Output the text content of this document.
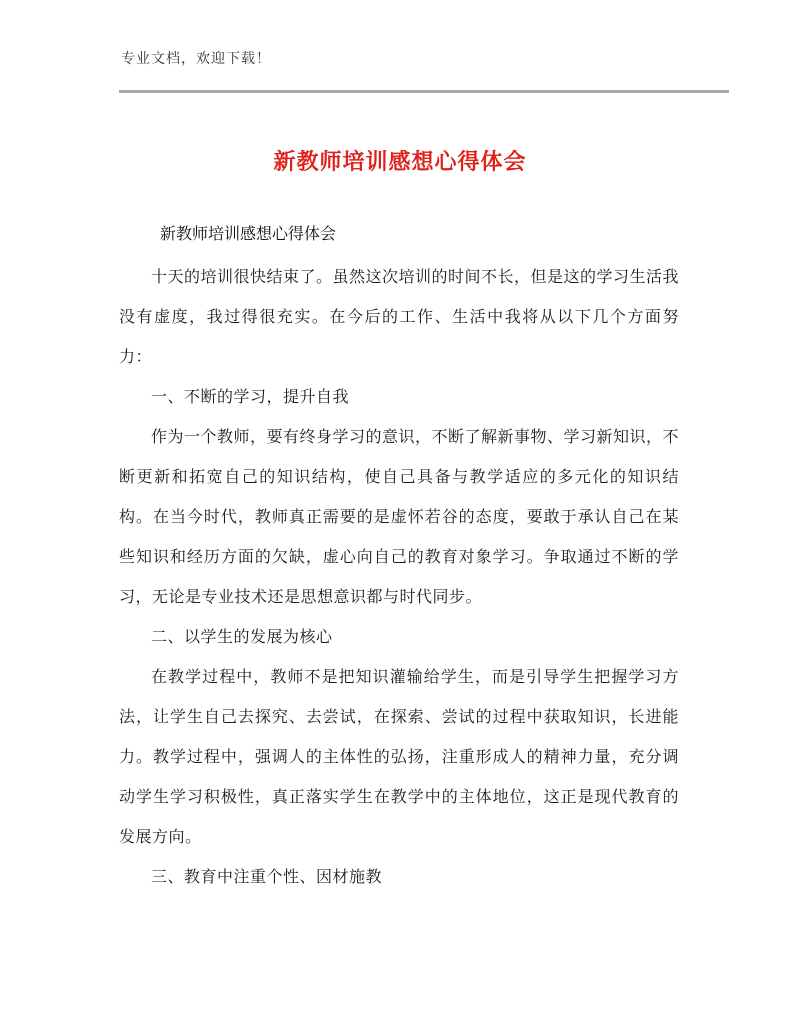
专业文档，欢迎下载！
新教师培训感想心得体会
新教师培训感想心得体会

十天的培训很快结束了。虽然这次培训的时间不长，但是这的学习生活我没有虚度，我过得很充实。在今后的工作、生活中我将从以下几个方面努力：

一、不断的学习，提升自我

作为一个教师，要有终身学习的意识，不断了解新事物、学习新知识，不断更新和拓宽自己的知识结构，使自己具备与教学适应的多元化的知识结构。在当今时代，教师真正需要的是虚怀若谷的态度，要敢于承认自己在某些知识和经历方面的欠缺，虚心向自己的教育对象学习。争取通过不断的学习，无论是专业技术还是思想意识都与时代同步。

二、以学生的发展为核心

在教学过程中，教师不是把知识灌输给学生，而是引导学生把握学习方法，让学生自己去探究、去尝试，在探索、尝试的过程中获取知识，长进能力。教学过程中，强调人的主体性的弘扬，注重形成人的精神力量，充分调动学生学习积极性，真正落实学生在教学中的主体地位，这正是现代教育的发展方向。

三、教育中注重个性、因材施教
